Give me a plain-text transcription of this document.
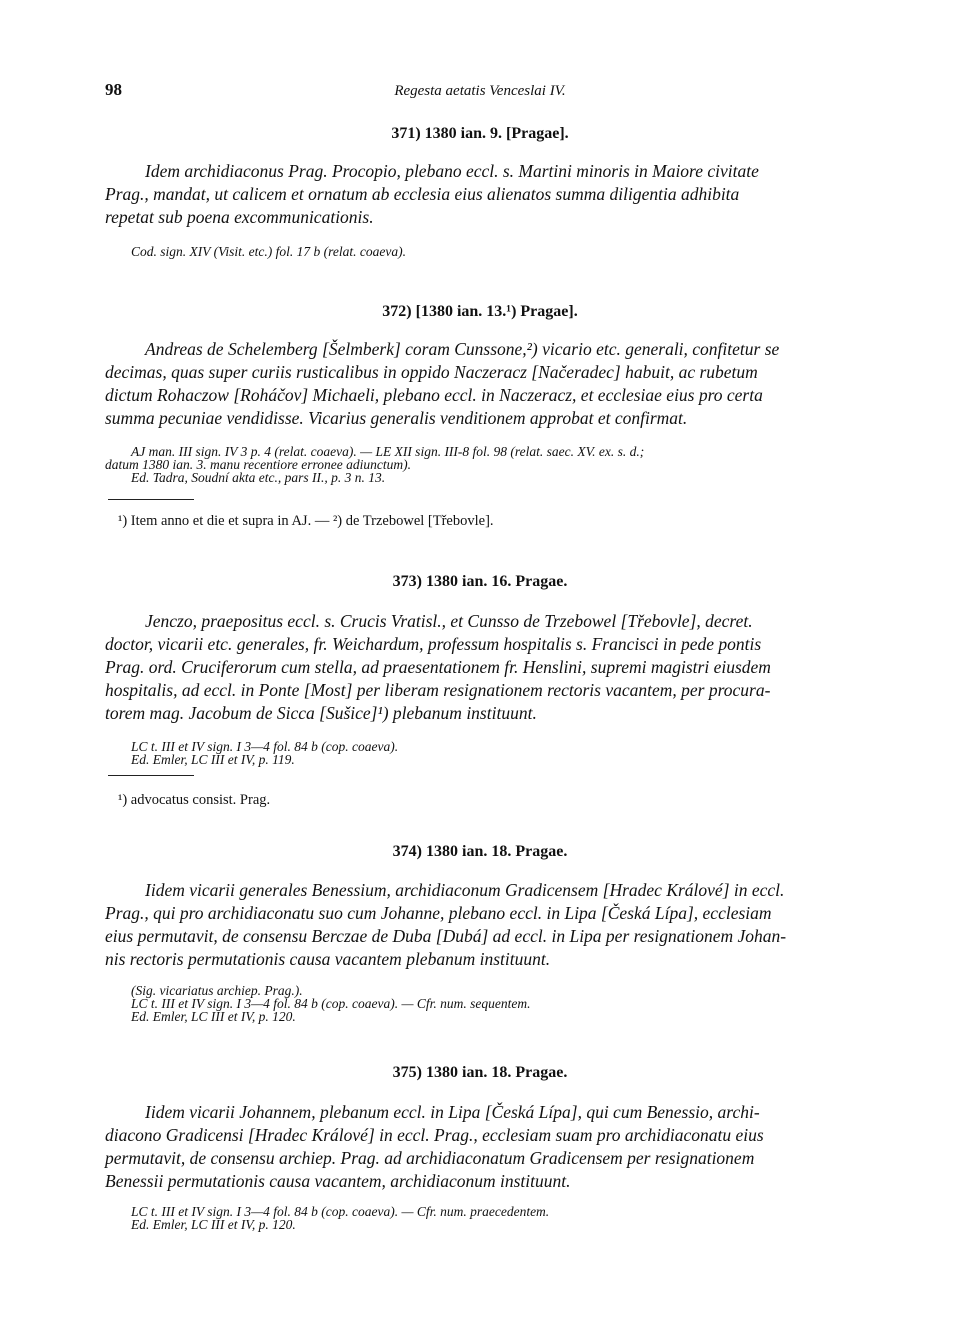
98	Regesta aetatis Venceslai IV.
371) 1380 ian. 9. [Pragae].
Idem archidiaconus Prag. Procopio, plebano eccl. s. Martini minoris in Maiore civitate
Prag., mandat, ut calicem et ornatum ab ecclesia eius alienatos summa diligentia adhibita
repetat sub poena excommunicationis.
Cod. sign. XIV (Visit. etc.) fol. 17 b (relat. coaeva).
372) [1380 ian. 13.¹) Pragae].
Andreas de Schelemberg [Šelmberk] coram Cunssone,²) vicario etc. generali, confitetur se
decimas, quas super curiis rusticalibus in oppido Naczeracz [Načeradec] habuit, ac rubetum
dictum Rohaczow [Roháčov] Michaeli, plebano eccl. in Naczeracz, et ecclesiae eius pro certa
summa pecuniae vendidisse. Vicarius generalis venditionem approbat et confirmat.
AJ man. III sign. IV 3 p. 4 (relat. coaeva). — LE XII sign. III-8 fol. 98 (relat. saec. XV. ex. s. d.;
datum 1380 ian. 3. manu recentiore erronee adiunctum).
Ed. Tadra, Soudní akta etc., pars II., p. 3 n. 13.
¹) Item anno et die et supra in AJ. — ²) de Trzebowel [Třebovle].
373) 1380 ian. 16. Pragae.
Jenczo, praepositus eccl. s. Crucis Vratisl., et Cunsso de Trzebowel [Třebovle], decret.
doctor, vicarii etc. generales, fr. Weichardum, professum hospitalis s. Francisci in pede pontis
Prag. ord. Cruciferorum cum stella, ad praesentationem fr. Henslini, supremi magistri eiusdem
hospitalis, ad eccl. in Ponte [Most] per liberam resignationem rectoris vacantem, per procura-
torem mag. Jacobum de Sicca [Sušice]¹) plebanum instituunt.
LC t. III et IV sign. I 3—4 fol. 84 b (cop. coaeva).
Ed. Emler, LC III et IV, p. 119.
¹) advocatus consist. Prag.
374) 1380 ian. 18. Pragae.
Iidem vicarii generales Benessium, archidiaconum Gradicensem [Hradec Králové] in eccl.
Prag., qui pro archidiaconatu suo cum Johanne, plebano eccl. in Lipa [Česká Lípa], ecclesiam
eius permutavit, de consensu Berczae de Duba [Dubá] ad eccl. in Lipa per resignationem Johan-
nis rectoris permutationis causa vacantem plebanum instituunt.
(Sig. vicariatus archiep. Prag.).
LC t. III et IV sign. I 3—4 fol. 84 b (cop. coaeva). — Cfr. num. sequentem.
Ed. Emler, LC III et IV, p. 120.
375) 1380 ian. 18. Pragae.
Iidem vicarii Johannem, plebanum eccl. in Lipa [Česká Lípa], qui cum Benessio, archi-
diacono Gradicensi [Hradec Králové] in eccl. Prag., ecclesiam suam pro archidiaconatu eius
permutavit, de consensu archiep. Prag. ad archidiaconatum Gradicensem per resignationem
Benessii permutationis causa vacantem, archidiaconum instituunt.
LC t. III et IV sign. I 3—4 fol. 84 b (cop. coaeva). — Cfr. num. praecedentem.
Ed. Emler, LC III et IV, p. 120.
